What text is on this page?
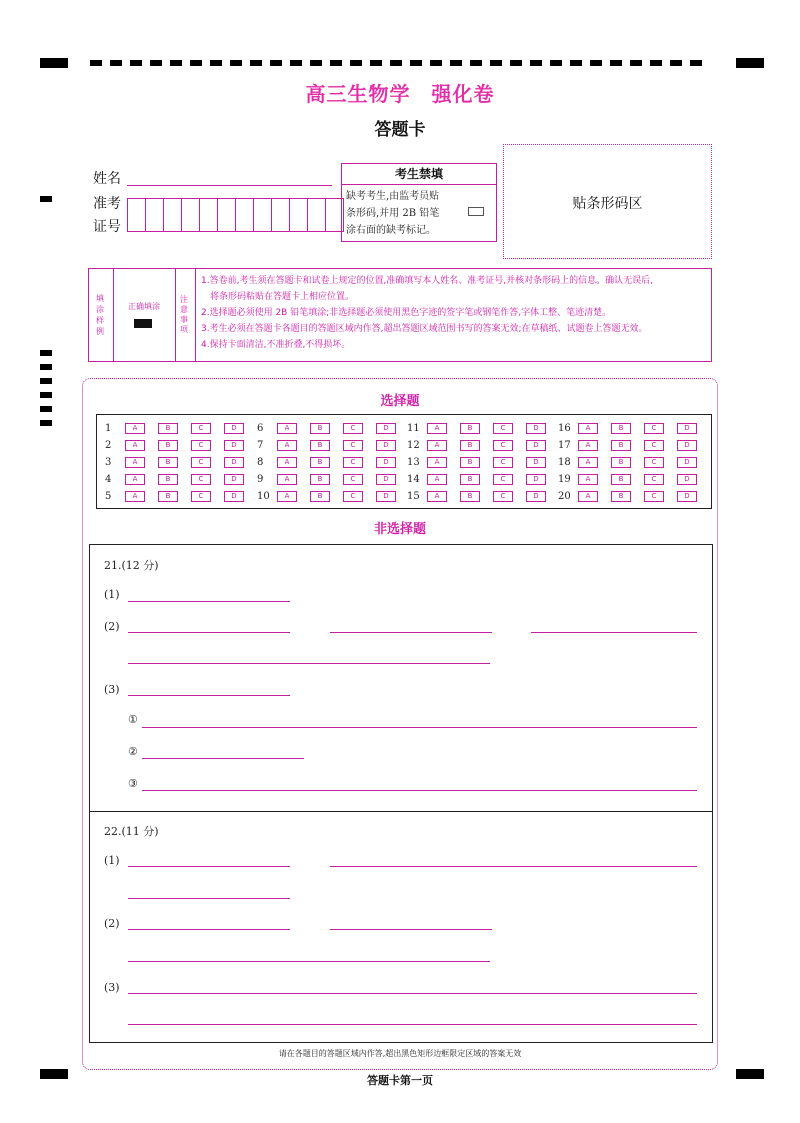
高三生物学　强化卷
答题卡
姓名
准考
证号
考生禁填
缺考考生,由监考员贴
条形码,并用 2B 铅笔
涂右面的缺考标记。
贴条形码区
填涂样例
正确填涂
注意事项
1.答卷前,考生须在答题卡和试卷上规定的位置,准确填写本人姓名、准考证号,并核对条形码上的信息。确认无误后,
　将条形码粘贴在答题卡上相应位置。
2.选择题必须使用 2B 铅笔填涂;非选择题必须使用黑色字迹的签字笔或钢笔作答,字体工整、笔迹清楚。
3.考生必须在答题卡各题目的答题区域内作答,超出答题区域范围书写的答案无效;在草稿纸、试题卷上答题无效。
4.保持卡面清洁,不准折叠,不得损坏。
选择题
1	A	B	C	D
2	A	B	C	D
3	A	B	C	D
4	A	B	C	D
5	A	B	C	D
6	A	B	C	D
7	A	B	C	D
8	A	B	C	D
9	A	B	C	D
10	A	B	C	D
11	A	B	C	D
12	A	B	C	D
13	A	B	C	D
14	A	B	C	D
15	A	B	C	D
16	A	B	C	D
17	A	B	C	D
18	A	B	C	D
19	A	B	C	D
20	A	B	C	D
非选择题
21.(12 分)
(1)
(2)
(3)
①
②
③
22.(11 分)
(1)
(2)
(3)
请在各题目的答题区域内作答,超出黑色矩形边框限定区域的答案无效
答题卡第一页
